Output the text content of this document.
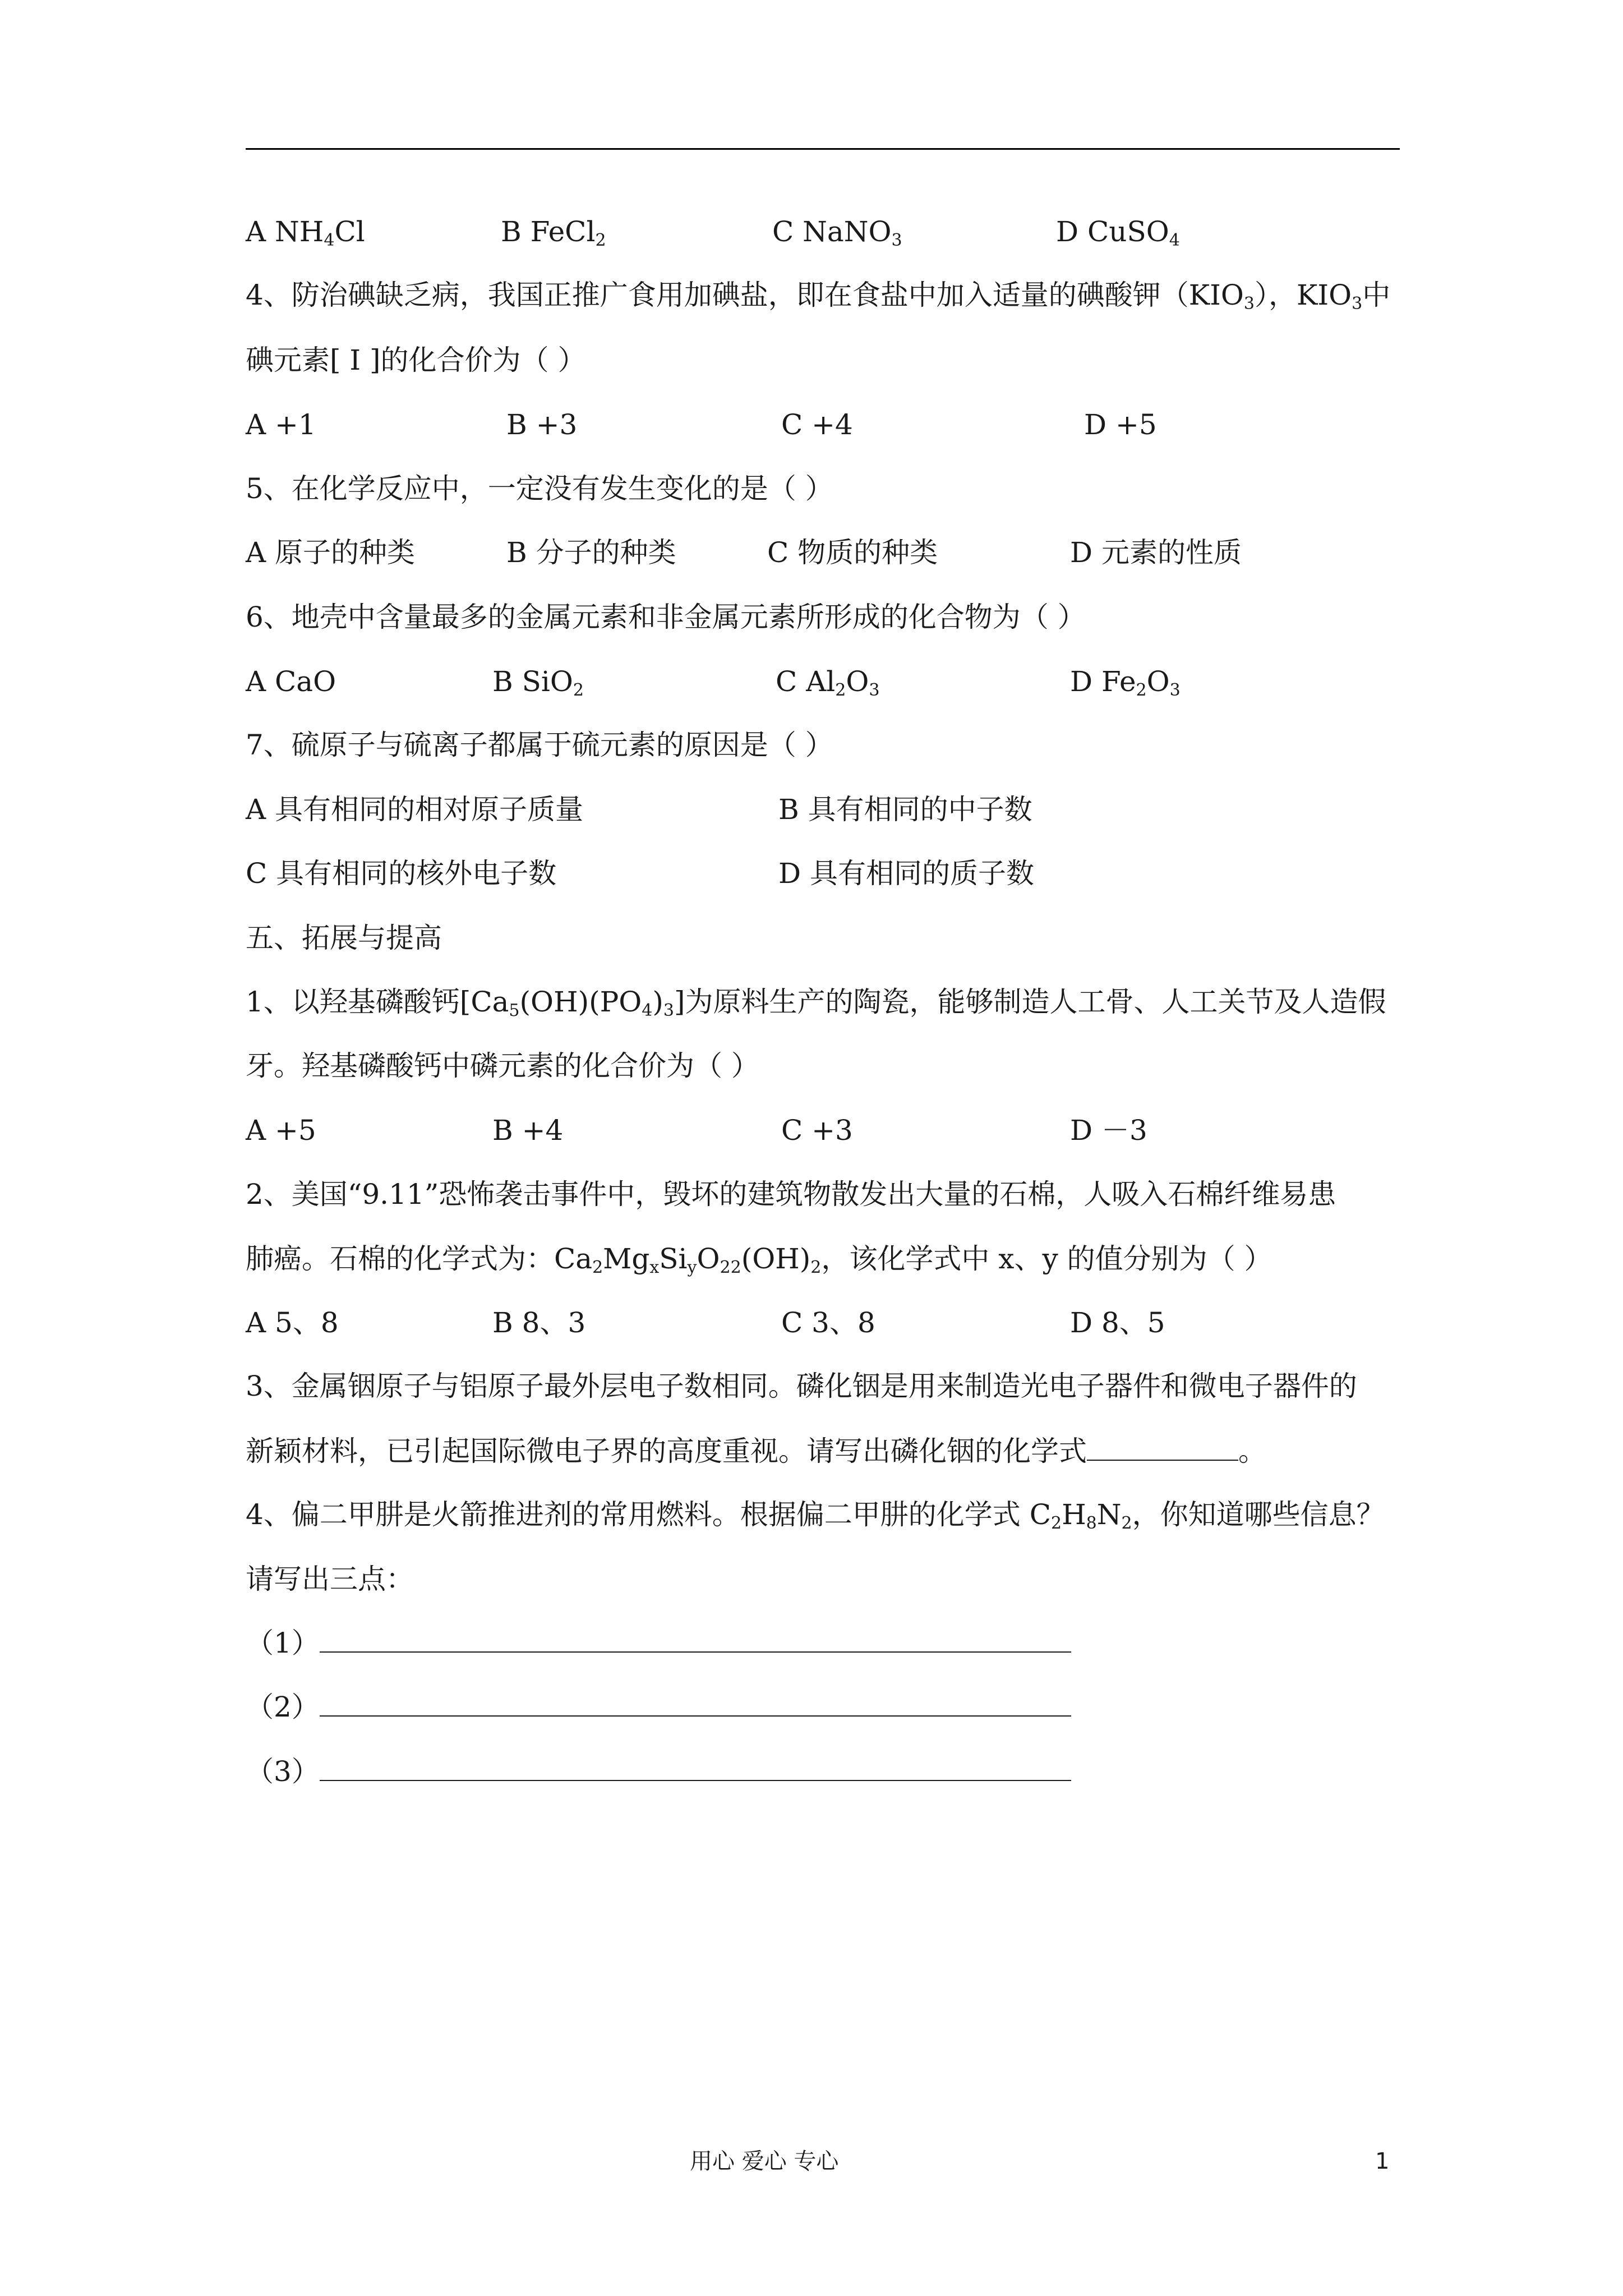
A $NH_4Cl$	B FeCl$_2$	C NaNO$_3$	D CuSO$_4$
4、防治碘缺乏病，我国正推广食用加碘盐，即在食盐中加入适量的碘酸钾$(KIO_3)$，$KIO_3$中
碘元素[ I ]的化合价为（ ）
A +1	B +3	C +4	D +5
5、在化学反应中，一定没有发生变化的是（ ）
A 原子的种类	B 分子的种类	C 物质的种类	D 元素的性质
6、地壳中含量最多的金属元素和非金属元素所形成的化合物为（ ）
A CaO	B SiO$_2$	C $Al_2O_3$	D $Fe_2O_3$
7、硫原子与硫离子都属于硫元素的原因是（ ）
A 具有相同的相对原子质量	B 具有相同的中子数
C 具有相同的核外电子数	D 具有相同的质子数
五、拓展与提高
1、以羟基磷酸钙$[Ca_5(OH)(PO_4)_3]$为原料生产的陶瓷，能够制造人工骨、人工关节及人造假
牙。羟基磷酸钙中磷元素的化合价为（ ）
A +5	B +4	C +3	D －3
2、美国“9.11”恐怖袭击事件中，毁坏的建筑物散发出大量的石棉，人吸入石棉纤维易患
肺癌。石棉的化学式为：$Ca_2Mg_xSi_yO_{22}(OH)_2$，该化学式中 x、y 的值分别为（ ）
A 5、8	B 8、3	C 3、8	D 8、5
3、金属铟原子与铝原子最外层电子数相同。磷化铟是用来制造光电子器件和微电子器件的
新颖材料，已引起国际微电子界的高度重视。请写出磷化铟的化学式	。
4、偏二甲肼是火箭推进剂的常用燃料。根据偏二甲肼的化学式 $C_2H_8N_2$，你知道哪些信息？
请写出三点：
（1）
（2）
（3）
用心 爱心 专心	1
